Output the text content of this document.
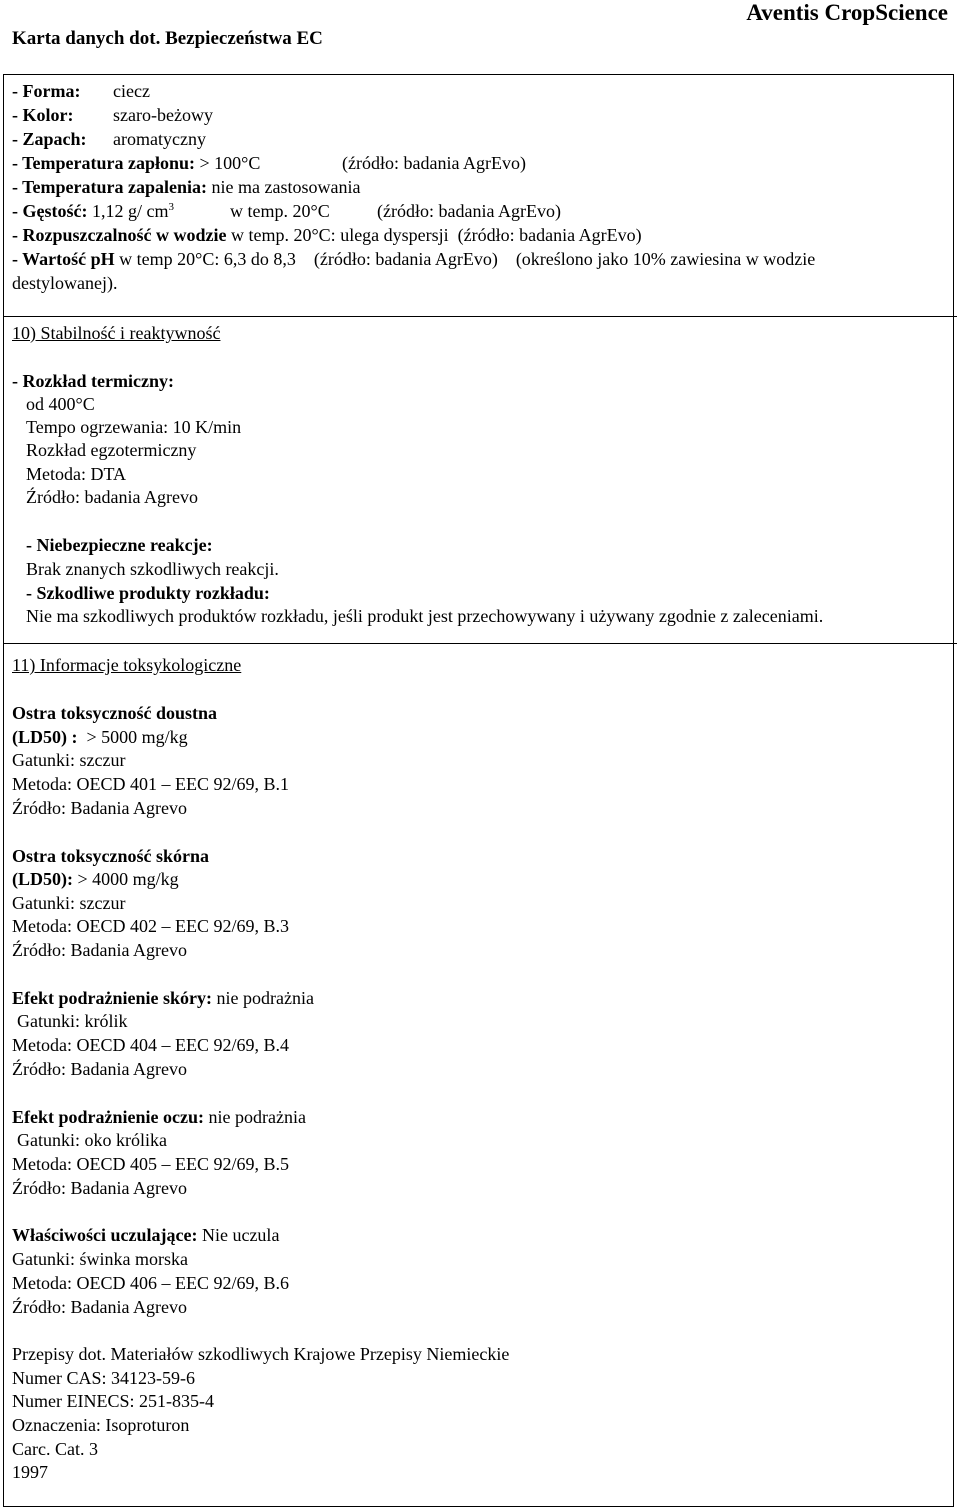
Karta danych dot. Bezpieczeństwa EC
Aventis CropScience
- Forma: ciecz
- Kolor: szaro-beżowy
- Zapach: aromatyczny
- Temperatura zapłonu: > 100°C	(źródło: badania AgrEvo)
- Temperatura zapalenia: nie ma zastosowania
- Gęstość: 1,12 g/ $cm^3$	w temp. 20°C	(źródło: badania AgrEvo)
- Rozpuszczalność w wodzie w temp. 20°C: ulega dyspersji (źródło: badania AgrEvo)
- Wartość pH w temp 20°C: 6,3 do 8,3 (źródło: badania AgrEvo) (określono jako 10% zawiesina w wodzie
destylowanej).
10) Stabilność i reaktywność
- Rozkład termiczny:
od 400°C
Tempo ogrzewania: 10 K/min
Rozkład egzotermiczny
Metoda: DTA
Źródło: badania Agrevo
- Niebezpieczne reakcje:
Brak znanych szkodliwych reakcji.
- Szkodliwe produkty rozkładu:
Nie ma szkodliwych produktów rozkładu, jeśli produkt jest przechowywany i używany zgodnie z zaleceniami.
11) Informacje toksykologiczne
Ostra toksyczność doustna
(LD50) : > 5000 mg/kg
Gatunki: szczur
Metoda: OECD 401 – EEC 92/69, B.1
Źródło: Badania Agrevo
Ostra toksyczność skórna
(LD50): > 4000 mg/kg
Gatunki: szczur
Metoda: OECD 402 – EEC 92/69, B.3
Źródło: Badania Agrevo
Efekt podrażnienie skóry: nie podrażnia
Gatunki: królik
Metoda: OECD 404 – EEC 92/69, B.4
Źródło: Badania Agrevo
Efekt podrażnienie oczu: nie podrażnia
Gatunki: oko królika
Metoda: OECD 405 – EEC 92/69, B.5
Źródło: Badania Agrevo
Właściwości uczulające: Nie uczula
Gatunki: świnka morska
Metoda: OECD 406 – EEC 92/69, B.6
Źródło: Badania Agrevo
Przepisy dot. Materiałów szkodliwych Krajowe Przepisy Niemieckie
Numer CAS: 34123-59-6
Numer EINECS: 251-835-4
Oznaczenia: Isoproturon
Carc. Cat. 3
1997
